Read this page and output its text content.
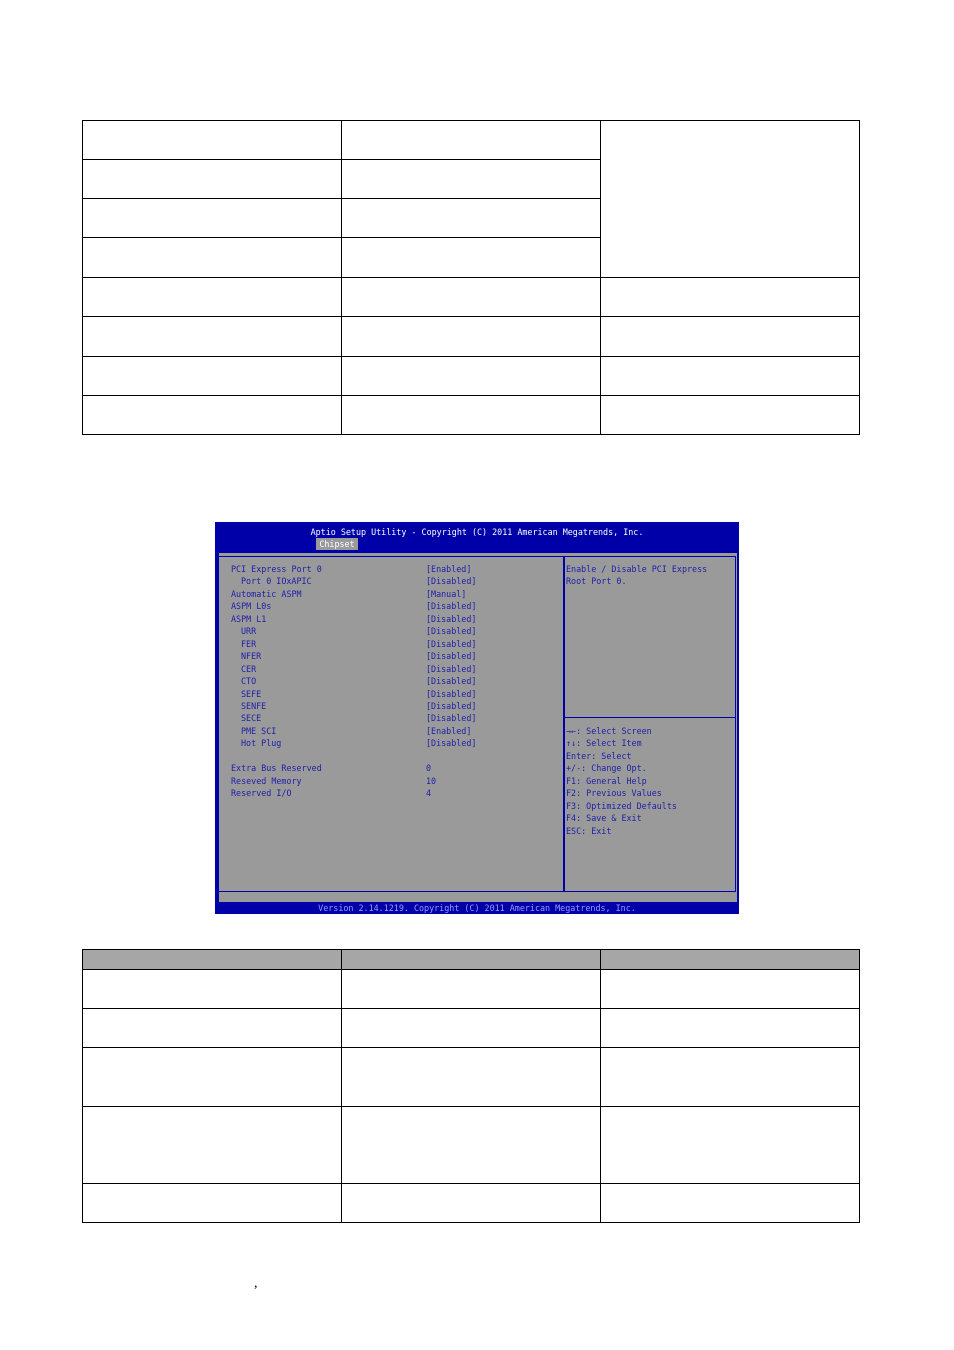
Aptio Setup Utility - Copyright (C) 2011 American Megatrends, Inc.
Chipset
PCI Express Port 0	[Enabled]
Port 0 IOxAPIC	[Disabled]
Automatic ASPM	[Manual]
ASPM L0s	[Disabled]
ASPM L1	[Disabled]
URR	[Disabled]
FER	[Disabled]
NFER	[Disabled]
CER	[Disabled]
CTO	[Disabled]
SEFE	[Disabled]
SENFE	[Disabled]
SECE	[Disabled]
PME SCI	[Enabled]
Hot Plug	[Disabled]
Extra Bus Reserved	0
Reseved Memory	10
Reserved I/O	4
Enable / Disable PCI Express
Root Port 0.
→←: Select Screen
↑↓: Select Item
Enter: Select
+/-: Change Opt.
F1: General Help
F2: Previous Values
F3: Optimized Defaults
F4: Save & Exit
ESC: Exit
Version 2.14.1219. Copyright (C) 2011 American Megatrends, Inc.

,
